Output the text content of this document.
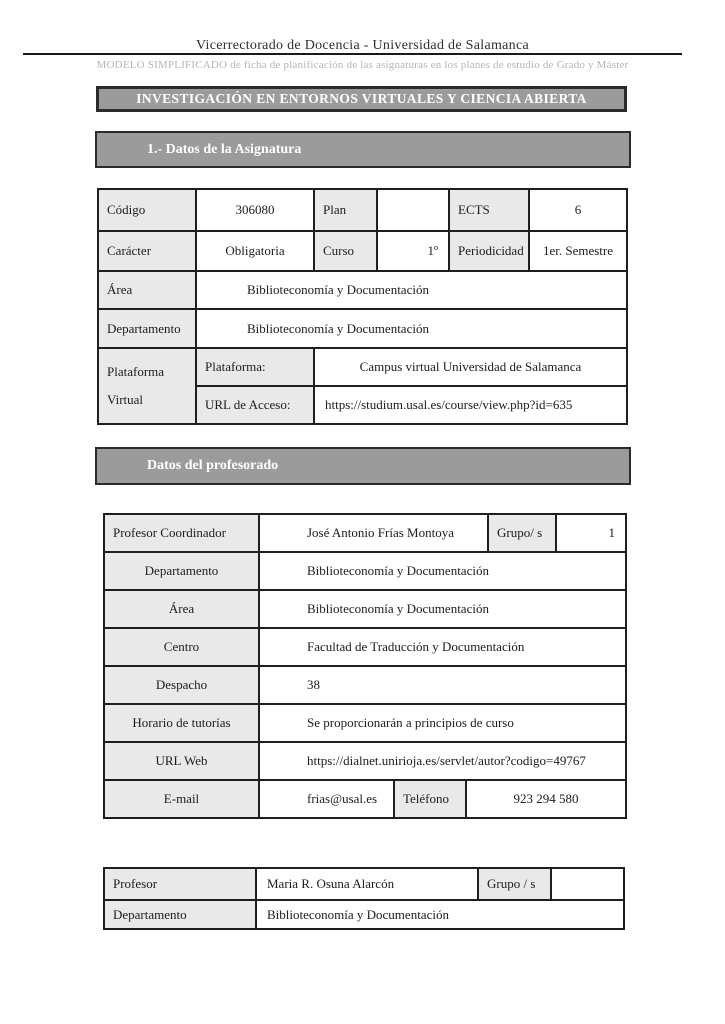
Vicerrectorado de Docencia - Universidad de Salamanca
MODELO SIMPLIFICADO de ficha de planificación de las asignaturas en los planes de estudio de Grado y Máster
INVESTIGACIÓN EN ENTORNOS VIRTUALES Y CIENCIA ABIERTA
1.- Datos de la Asignatura
Código	306080	Plan		ECTS	6
Carácter	Obligatoria	Curso	1º	Periodicidad	1er. Semestre
Área	Biblioteconomía y Documentación				
Departamento	Biblioteconomía y Documentación				
Plataforma Virtual	Plataforma:	Campus virtual Universidad de Salamanca			
	URL de Acceso:	https://studium.usal.es/course/view.php?id=635			
Datos del profesorado
Profesor Coordinador	José Antonio Frías Montoya			Grupo/ s	1
Departamento	Biblioteconomía y Documentación				
Área	Biblioteconomía y Documentación				
Centro	Facultad de Traducción y Documentación				
Despacho	38				
Horario de tutorías	Se proporcionarán a principios de curso				
URL Web	https://dialnet.unirioja.es/servlet/autor?codigo=49767				
E-mail	frias@usal.es	Teléfono	923 294 580		
Profesor	Maria R. Osuna Alarcón	Grupo / s	
Departamento	Biblioteconomía y Documentación		
